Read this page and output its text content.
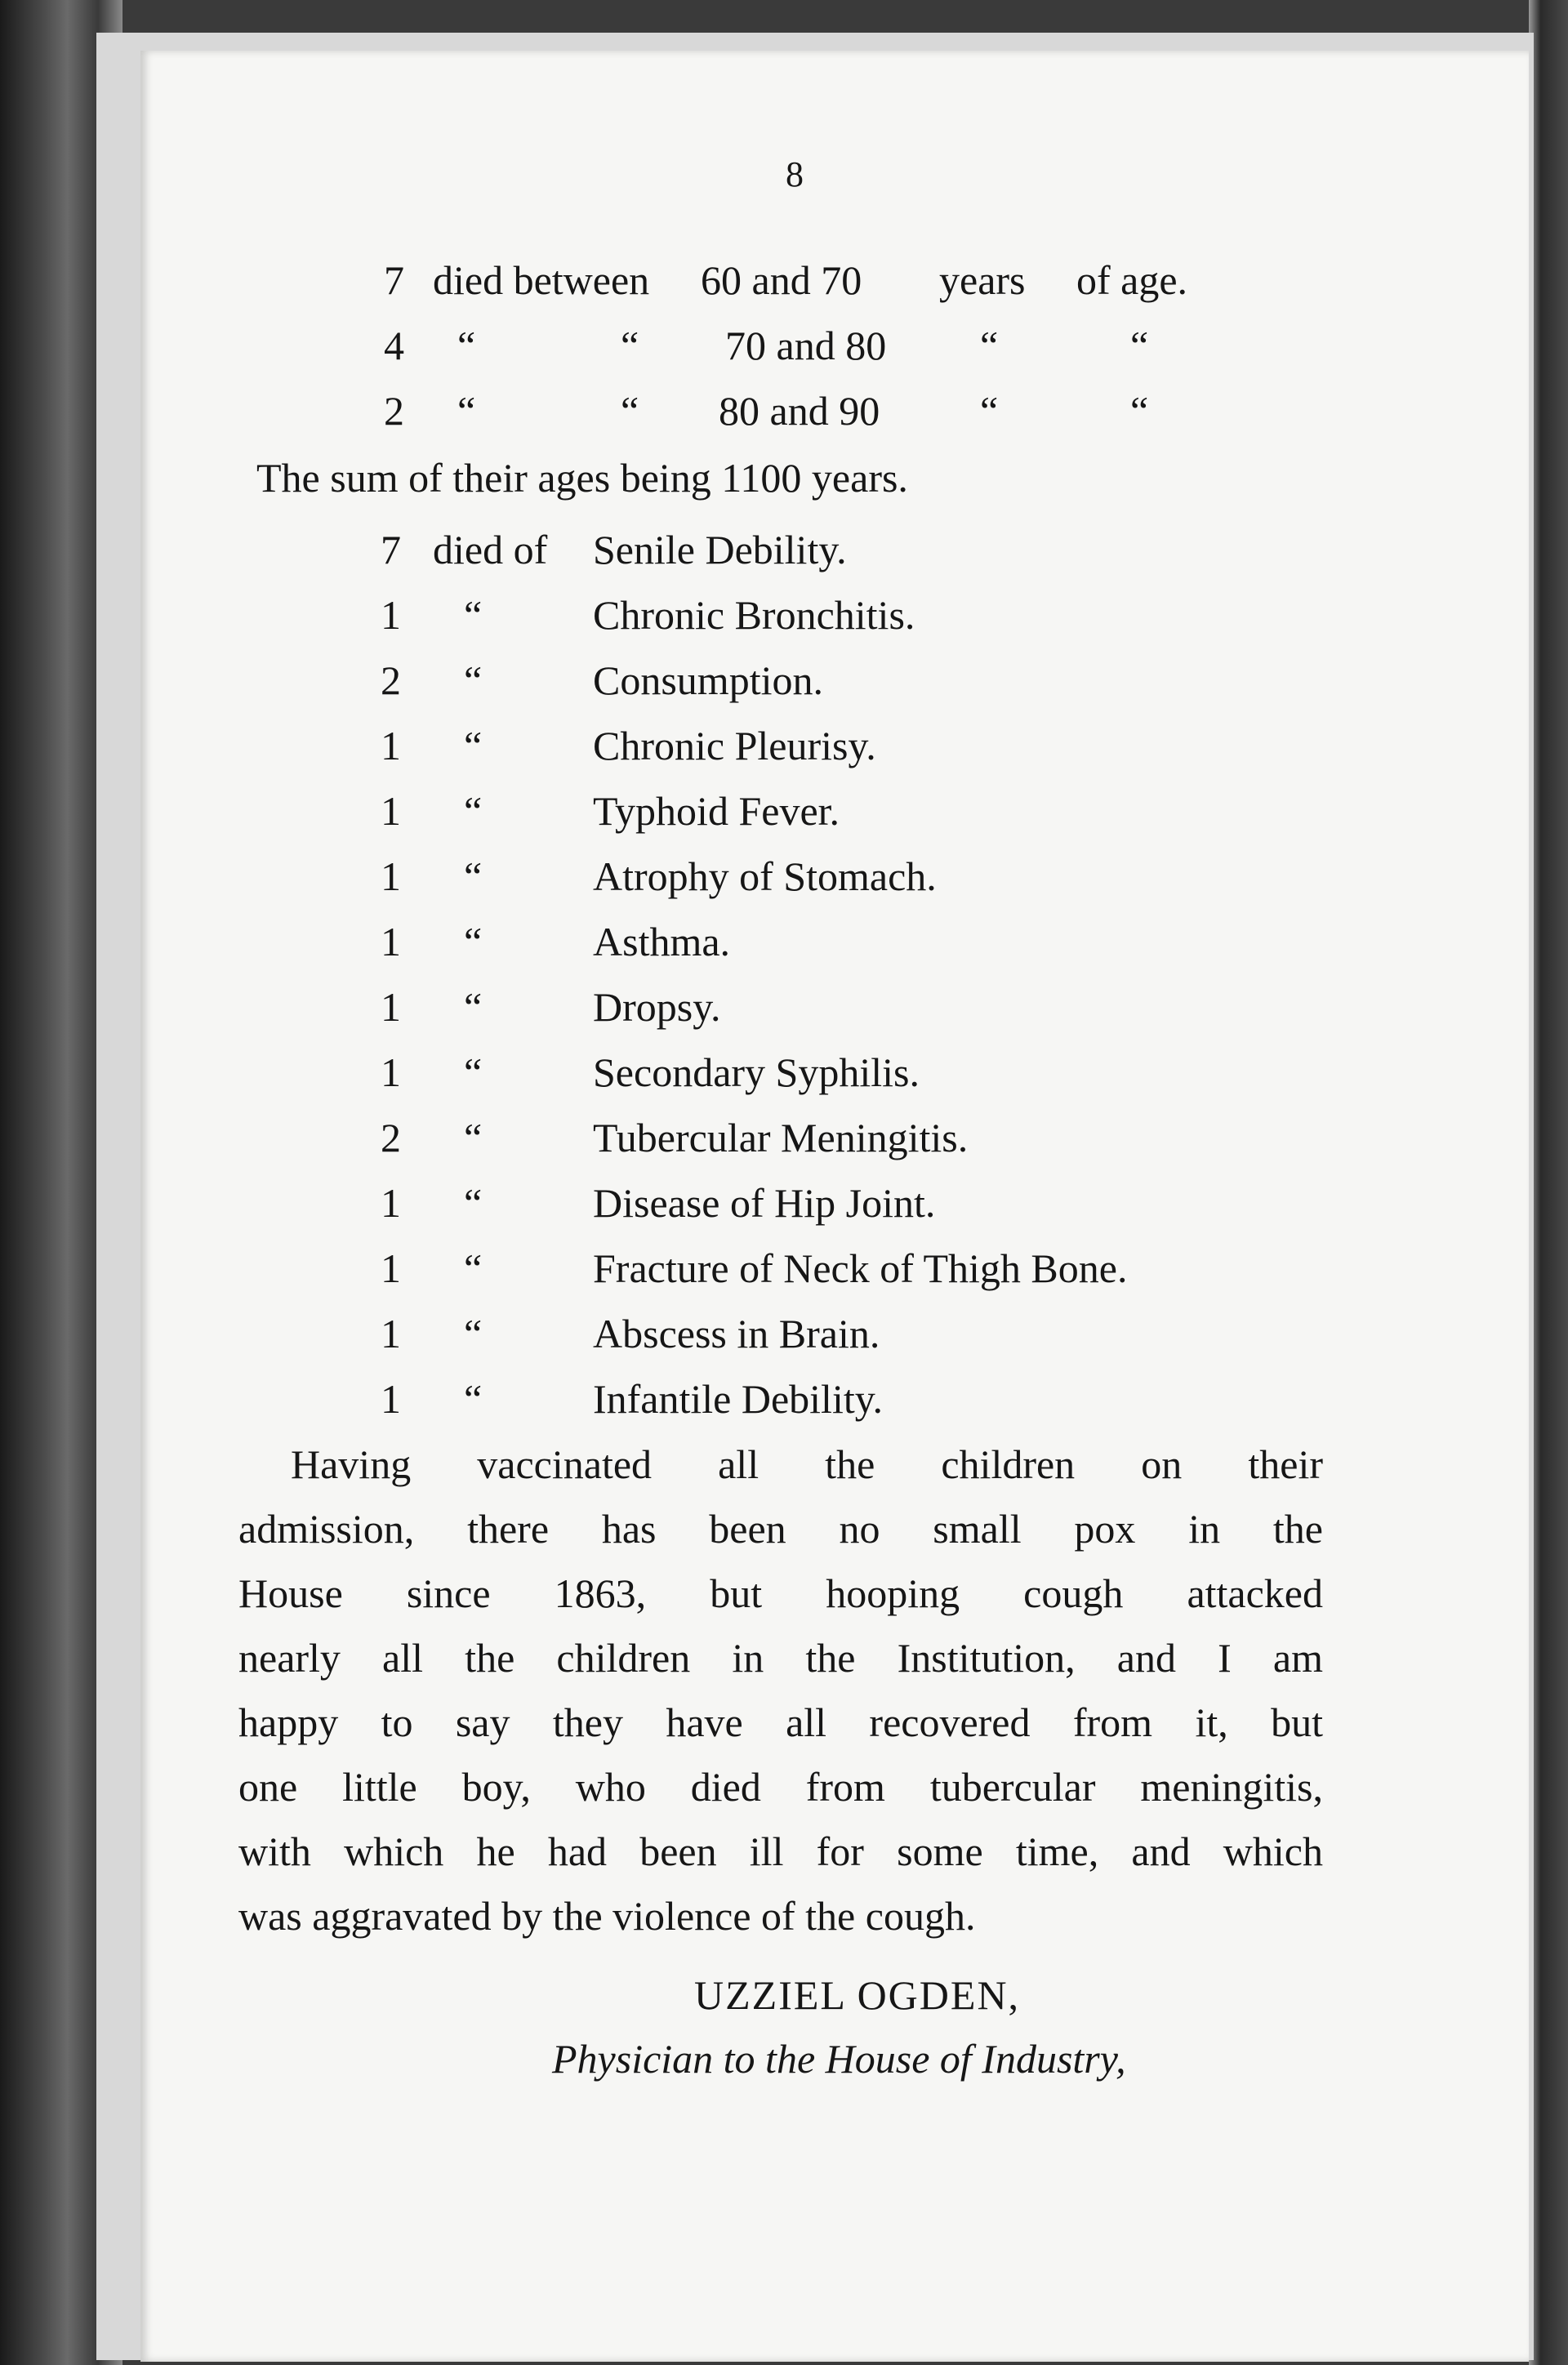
8
7 died between 60 and 70 years of age.
4 “	“ 70 and 80 “	“
2 “	“ 80 and 90 “	“
The sum of their ages being 1100 years.
7 died of Senile Debility.
1 “	Chronic Bronchitis.
2 “	Consumption.
1 “	Chronic Pleurisy.
1 “	Typhoid Fever.
1 “	Atrophy of Stomach.
1 “	Asthma.
1 “	Dropsy.
1 “	Secondary Syphilis.
2 “	Tubercular Meningitis.
1 “	Disease of Hip Joint.
1 “	Fracture of Neck of Thigh Bone.
1 “	Abscess in Brain.
1 “	Infantile Debility.
Having vaccinated all the children on their
admission, there has been no small pox in the
House since 1863, but hooping cough attacked
nearly all the children in the Institution, and I am
happy to say they have all recovered from it, but
one little boy, who died from tubercular meningitis,
with which he had been ill for some time, and which
was aggravated by the violence of the cough.
UZZIEL OGDEN,
Physician to the House of Industry,
